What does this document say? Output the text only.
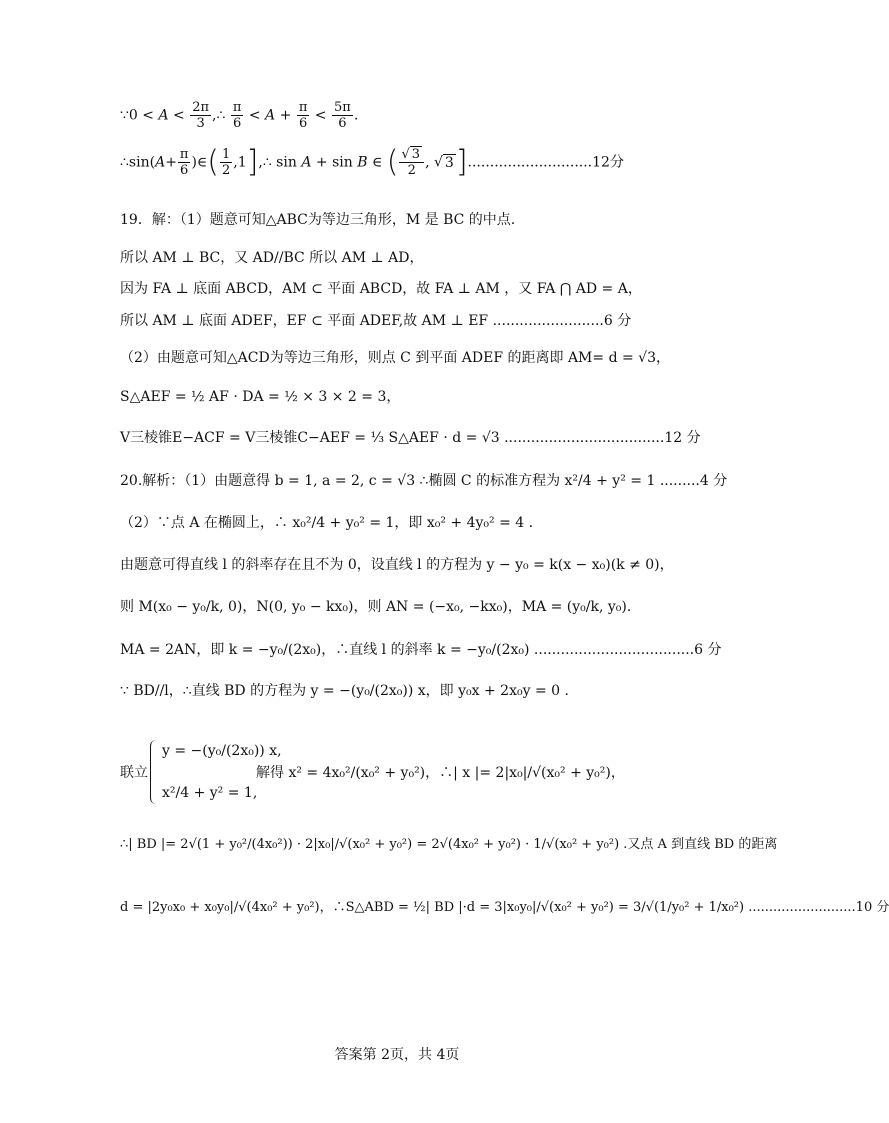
∵0 < $A < \frac{2\pi}{3}$ ,∴ $\frac{\pi}{6} < A + \frac{\pi}{6} < \frac{5\pi}{6}$ .
∴sin(A+ $\frac{\pi}{6}$ )∈( $\frac{1}{2}$ ,1],∴ sin A + sin B ∈ ( $\frac{√ 3}{2}$ , √ 3]............................12分
19．解：（1）题意可知△ABC为等边三角形，M 是 BC 的中点.
所以 AM ⊥ BC，又 AD//BC 所以 AM ⊥ AD，
因为 FA ⊥ 底面 ABCD，AM ⊂ 平面 ABCD，故 FA ⊥ AM ，又 FA ⋂ AD = A，
所以 AM ⊥ 底面 ADEF，EF ⊂ 平面 ADEF,故 AM ⊥ EF .........................6 分
（2）由题意可知△ACD为等边三角形，则点 C 到平面 ADEF 的距离即 AM= d = √3，
S△AEF = ½ AF · DA = ½ × 3 × 2 = 3，
V三棱锥E−ACF = V三棱锥C−AEF = ⅓ S△AEF · d = √3 ....................................12 分
20.解析：（1）由题意得 b = 1, a = 2, c = √3 ∴椭圆 C 的标准方程为 x²/4 + y² = 1 .........4 分
（2）∵点 A 在椭圆上，∴ x₀²/4 + y₀² = 1，即 x₀² + 4y₀² = 4 .
由题意可得直线 l 的斜率存在且不为 0，设直线 l 的方程为 y − y₀ = k(x − x₀)(k ≠ 0)，
则 M(x₀ − y₀/k, 0)，N(0, y₀ − kx₀)，则 AN = (−x₀, −kx₀)，MA = (y₀/k, y₀).
MA = 2AN，即 k = −y₀/(2x₀)，∴直线 l 的斜率 k = −y₀/(2x₀) ....................................6 分
∵ BD//l，∴直线 BD 的方程为 y = −(y₀/(2x₀)) x，即 y₀x + 2x₀y = 0 .
联立
y = −(y₀/(2x₀)) x,
x²/4 + y² = 1,
解得 x² = 4x₀²/(x₀² + y₀²)，∴| x |= 2|x₀|/√(x₀² + y₀²)，
∴| BD |= 2√(1 + y₀²/(4x₀²)) · 2|x₀|/√(x₀² + y₀²) = 2√(4x₀² + y₀²) · 1/√(x₀² + y₀²) .又点 A 到直线 BD 的距离
d = |2y₀x₀ + x₀y₀|/√(4x₀² + y₀²)，∴S△ABD = ½| BD |·d = 3|x₀y₀|/√(x₀² + y₀²) = 3/√(1/y₀² + 1/x₀²) ..........................10 分
答案第 2页，共 4页
